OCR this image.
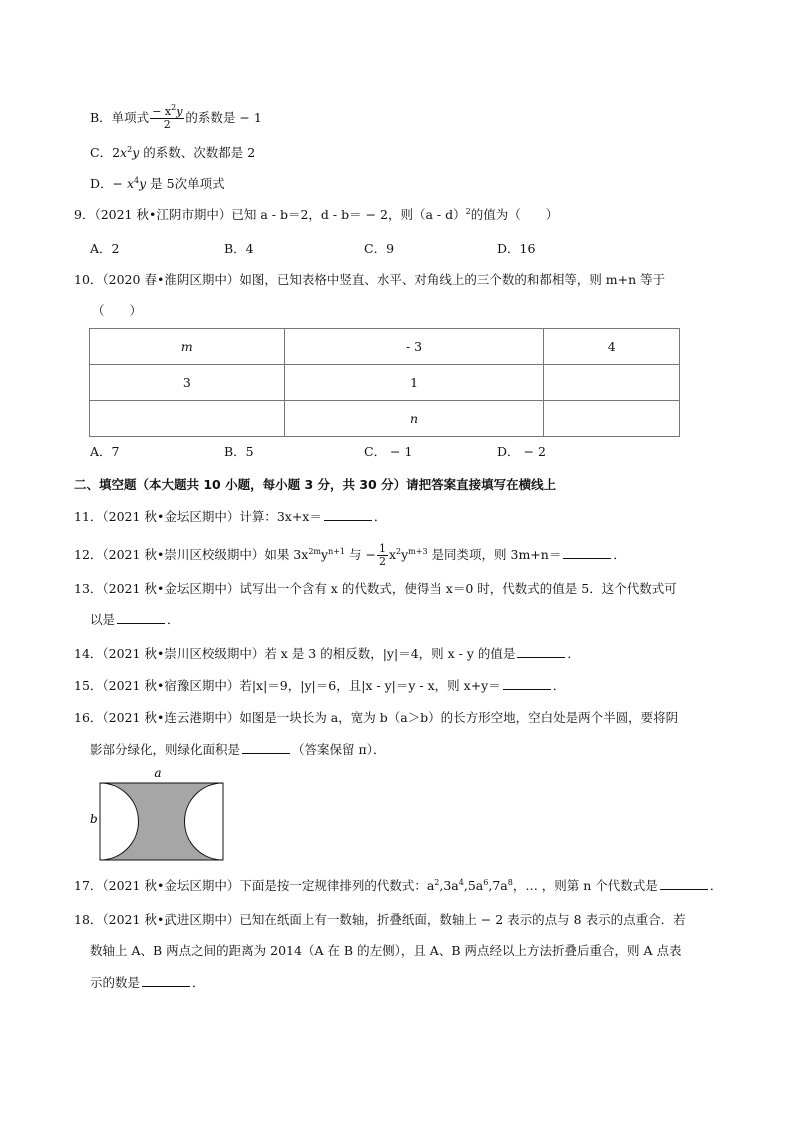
B．单项式 $\frac{- x^2y}{2}$ 的系数是 − 1
C．$2x^2y$ 的系数、次数都是 2
D．− $x^4y$ 是 5次单项式
9．（2021 秋•江阴市期中）已知 a - b＝2，d - b＝ − 2，则（a - d）$^2$的值为（　　）
A．2	B．4	C．9	D．16
10．（2020 春•淮阴区期中）如图，已知表格中竖直、水平、对角线上的三个数的和都相等，则 m+n 等于
（　　）
m	- 3	4
3	1	
	n	
A．7	B．5	C． − 1	D． − 2
二、填空题（本大题共 10 小题，每小题 3 分，共 30 分）请把答案直接填写在横线上
11．（2021 秋•金坛区期中）计算：3x+x＝	．
12．（2021 秋•崇川区校级期中）如果 $3x^{2m}y^{n+1}$ 与 − $\frac{1}{2} x^2y^{m+3}$ 是同类项，则 3m+n＝	．
13．（2021 秋•金坛区期中）试写出一个含有 x 的代数式，使得当 x＝0 时，代数式的值是 5．这个代数式可
以是	．
14．（2021 秋•崇川区校级期中）若 x 是 3 的相反数，|y|＝4，则 x - y 的值是	．
15．（2021 秋•宿豫区期中）若|x|＝9，|y|＝6，且|x - y|＝y - x，则 x+y＝	．
16．（2021 秋•连云港期中）如图是一块长为 a，宽为 b（a＞b）的长方形空地，空白处是两个半圆，要将阴
影部分绿化，则绿化面积是	（答案保留 π）．
a
b
17．（2021 秋•金坛区期中）下面是按一定规律排列的代数式：$a^2,3a^4,5a^6,7a^8$，… ，则第 n 个代数式是	．
18．（2021 秋•武进区期中）已知在纸面上有一数轴，折叠纸面，数轴上 − 2 表示的点与 8 表示的点重合．若
数轴上 A、B 两点之间的距离为 2014（A 在 B 的左侧），且 A、B 两点经以上方法折叠后重合，则 A 点表
示的数是	．
